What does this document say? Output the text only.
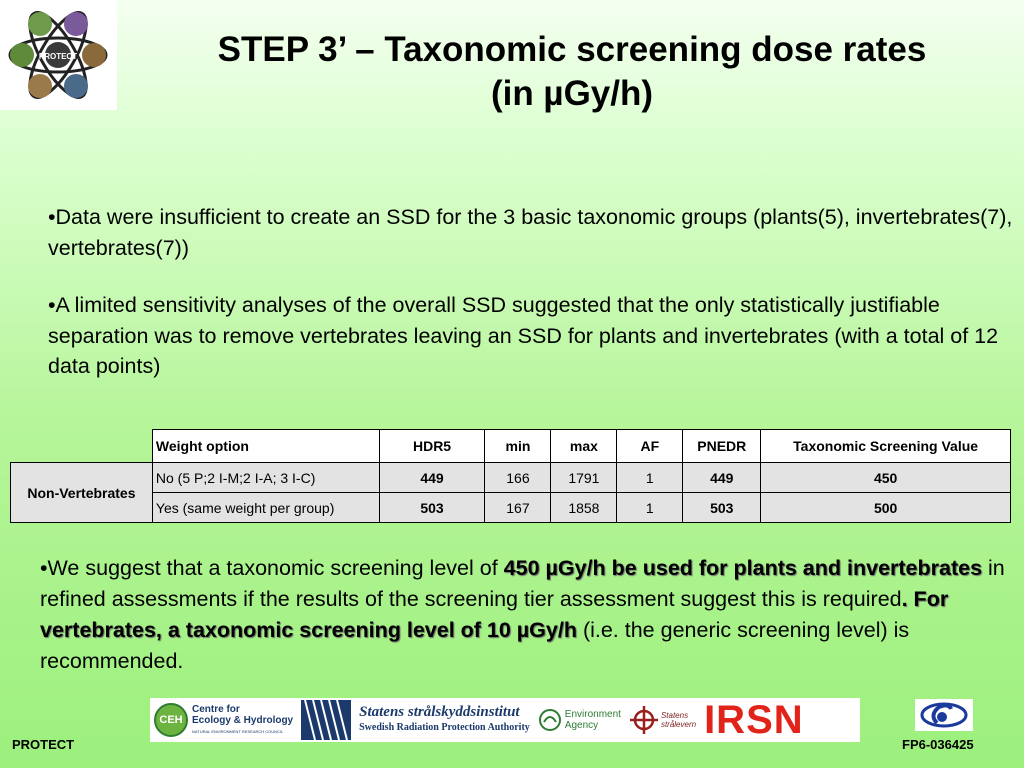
PROTECT	STEP 3’ – Taxonomic screening dose rates
(in µGy/h)

•Data were insufficient to create an SSD for the 3 basic taxonomic groups (plants(5), invertebrates(7), vertebrates(7))

•A limited sensitivity analyses of the overall SSD suggested that the only statistically justifiable separation was to remove vertebrates leaving an SSD for plants and invertebrates (with a total of 12 data points)

	Weight option	HDR5	min	max	AF	PNEDR	Taxonomic Screening Value
Non-Vertebrates	No (5 P;2 I-M;2 I-A; 3 I-C)	449	166	1791	1	449	450
	Yes (same weight per group)	503	167	1858	1	503	500
•We suggest that a taxonomic screening level of 450 µGy/h be used for plants and invertebrates in refined assessments if the results of the screening tier assessment suggest this is required. For vertebrates, a taxonomic screening level of 10 µGy/h (i.e. the generic screening level) is recommended.
CEH
Centre for
Ecology & Hydrology
NATURAL ENVIRONMENT RESEARCH COUNCIL
Statens strålskyddsinstitut
Swedish Radiation Protection Authority
Environment
Agency
Statens
strålevern IRSN
PROTECT	FP6-036425
